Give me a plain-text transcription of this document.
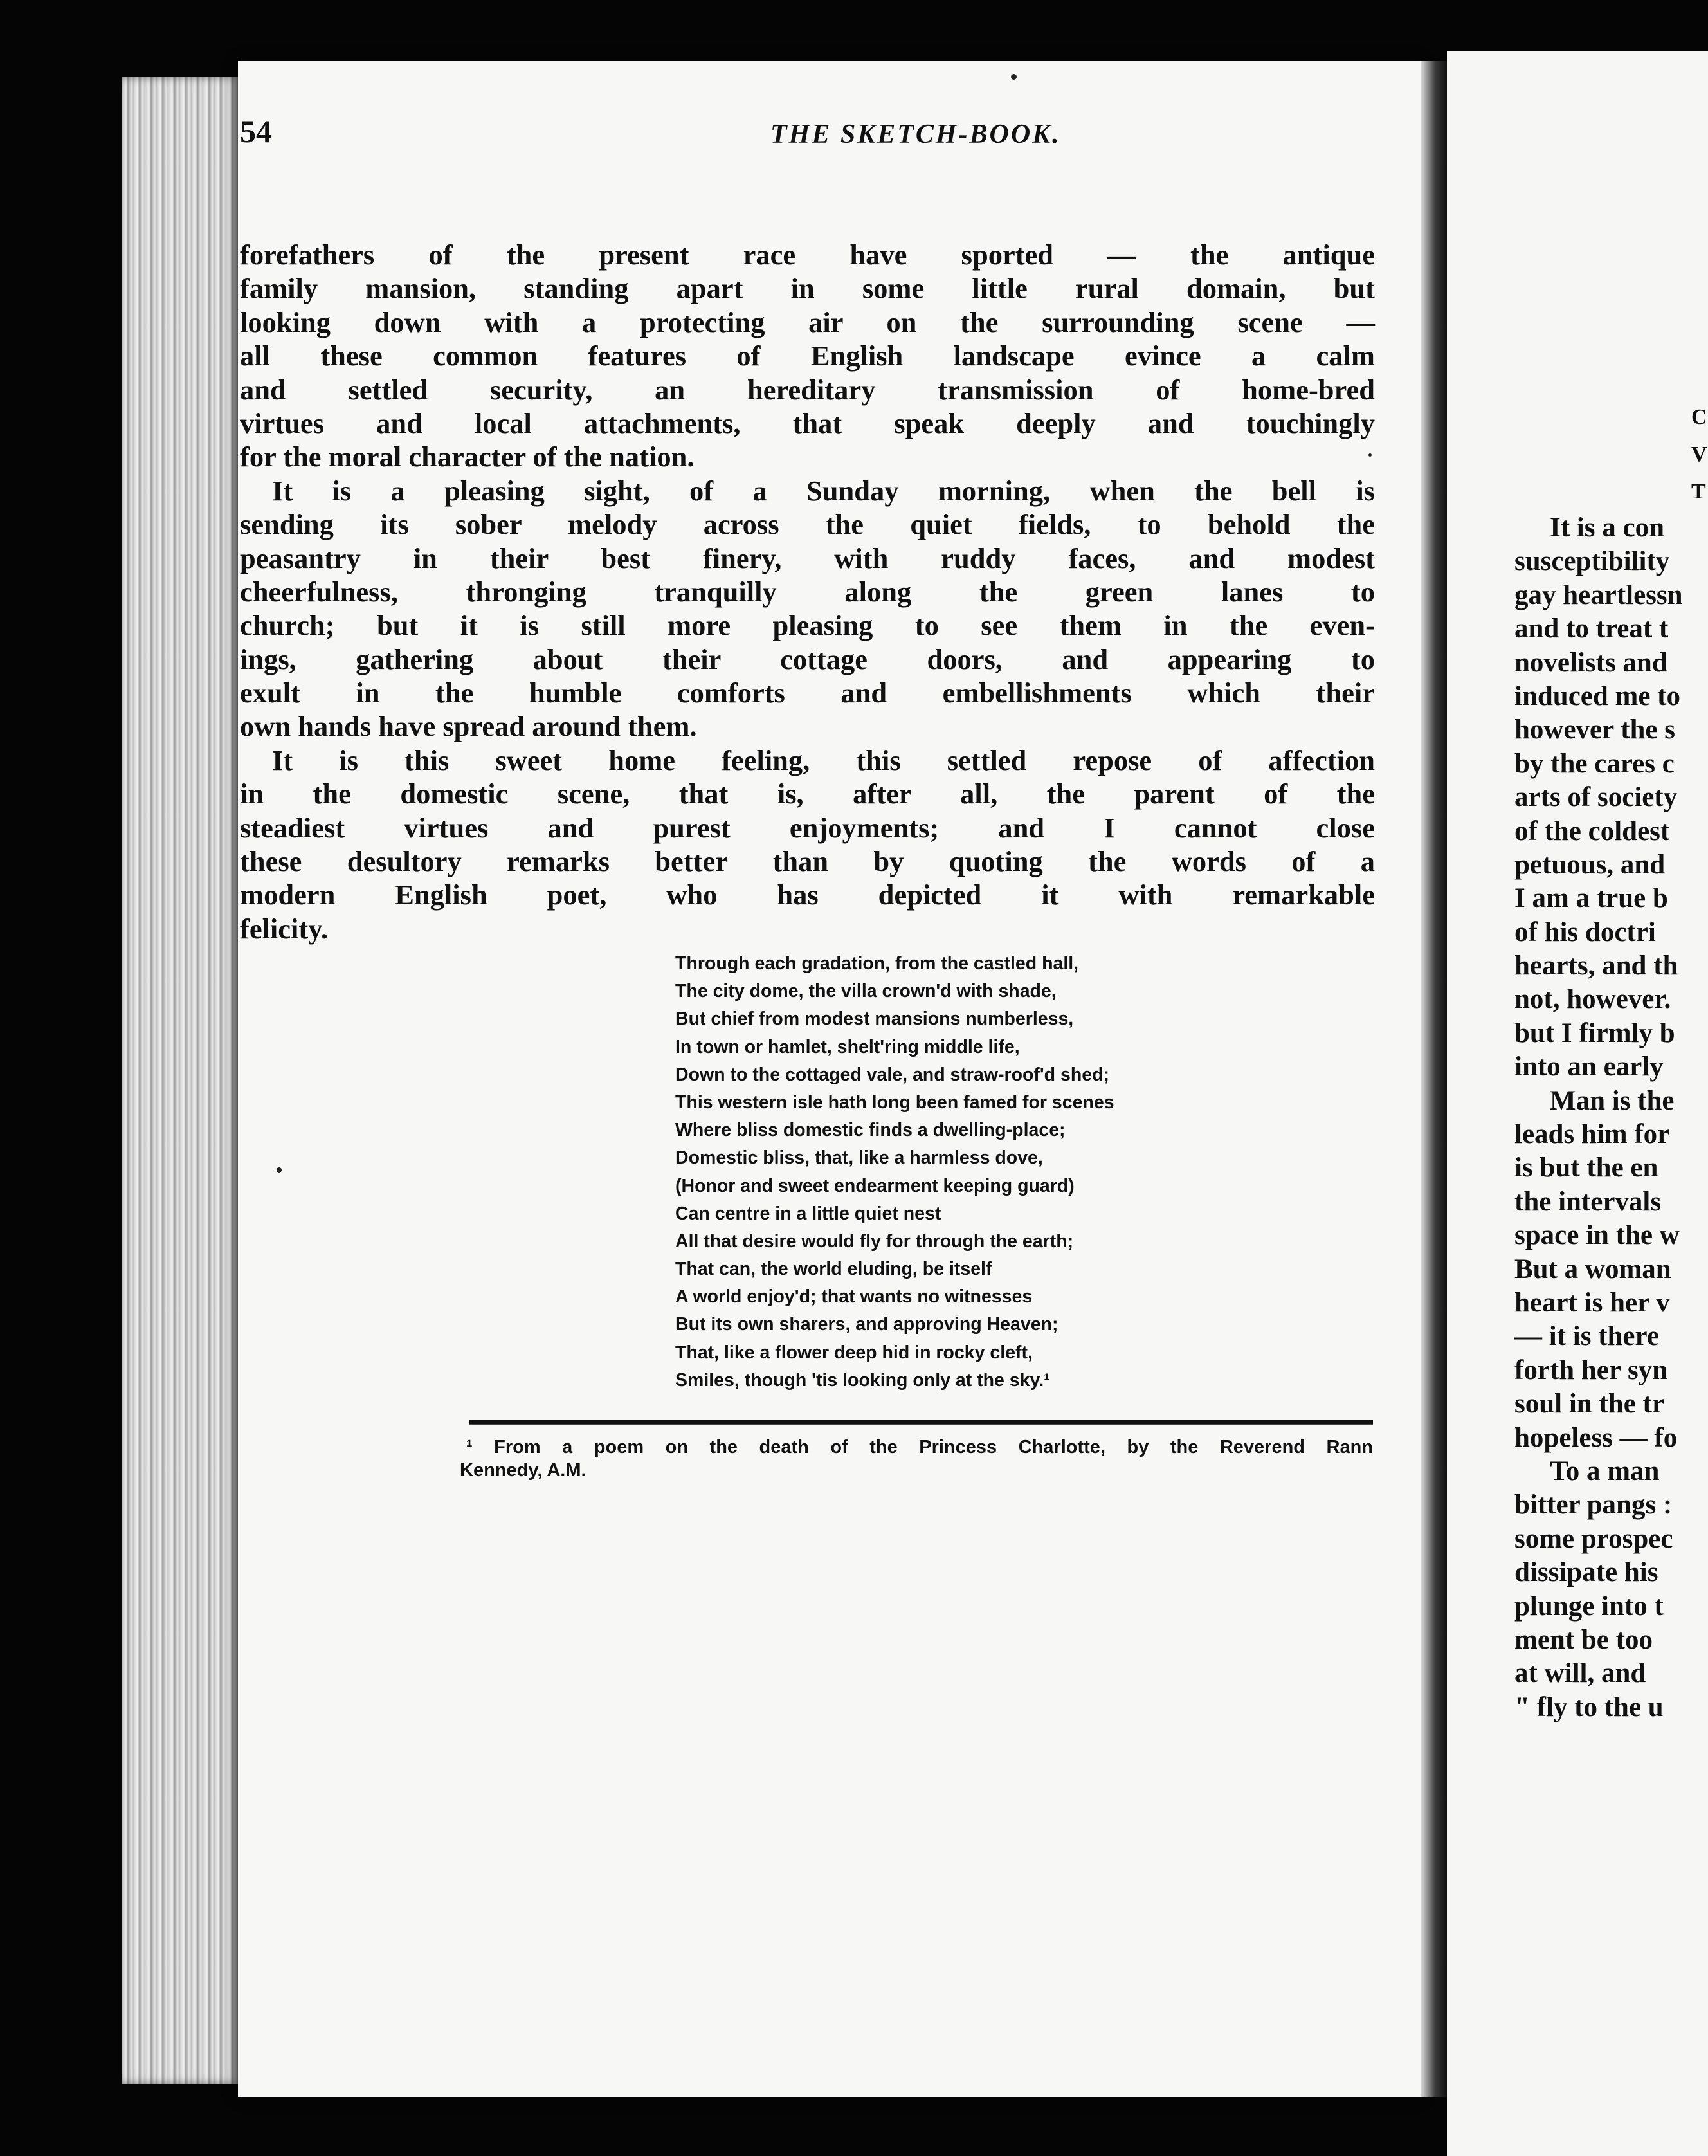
54	THE SKETCH-BOOK.
forefathers of the present race have sported — the antique
family mansion, standing apart in some little rural domain, but
looking down with a protecting air on the surrounding scene —
all these common features of English landscape evince a calm
and settled security, an hereditary transmission of home-bred
virtues and local attachments, that speak deeply and touchingly
for the moral character of the nation.
It is a pleasing sight, of a Sunday morning, when the bell is
sending its sober melody across the quiet fields, to behold the
peasantry in their best finery, with ruddy faces, and modest
cheerfulness, thronging tranquilly along the green lanes to
church; but it is still more pleasing to see them in the even-
ings, gathering about their cottage doors, and appearing to
exult in the humble comforts and embellishments which their
own hands have spread around them.
It is this sweet home feeling, this settled repose of affection
in the domestic scene, that is, after all, the parent of the
steadiest virtues and purest enjoyments; and I cannot close
these desultory remarks better than by quoting the words of a
modern English poet, who has depicted it with remarkable
felicity.
Through each gradation, from the castled hall,
The city dome, the villa crown'd with shade,
But chief from modest mansions numberless,
In town or hamlet, shelt'ring middle life,
Down to the cottaged vale, and straw-roof'd shed;
This western isle hath long been famed for scenes
Where bliss domestic finds a dwelling-place;
Domestic bliss, that, like a harmless dove,
(Honor and sweet endearment keeping guard)
Can centre in a little quiet nest
All that desire would fly for through the earth;
That can, the world eluding, be itself
A world enjoy'd; that wants no witnesses
But its own sharers, and approving Heaven;
That, like a flower deep hid in rocky cleft,
Smiles, though 'tis looking only at the sky.¹
¹ From a poem on the death of the Princess Charlotte, by the Reverend Rann
Kennedy, A.M.
C
V
T
It is a con
susceptibility
gay heartlessn
and to treat t
novelists and
induced me to
however the s
by the cares c
arts of society
of the coldest
petuous, and
I am a true b
of his doctri
hearts, and th
not, however.
but I firmly b
into an early
Man is the
leads him for
is but the en
the intervals
space in the w
But a woman
heart is her v
— it is there
forth her syn
soul in the tr
hopeless — fo
To a man
bitter pangs :
some prospec
dissipate his
plunge into t
ment be too
at will, and
" fly to the u
